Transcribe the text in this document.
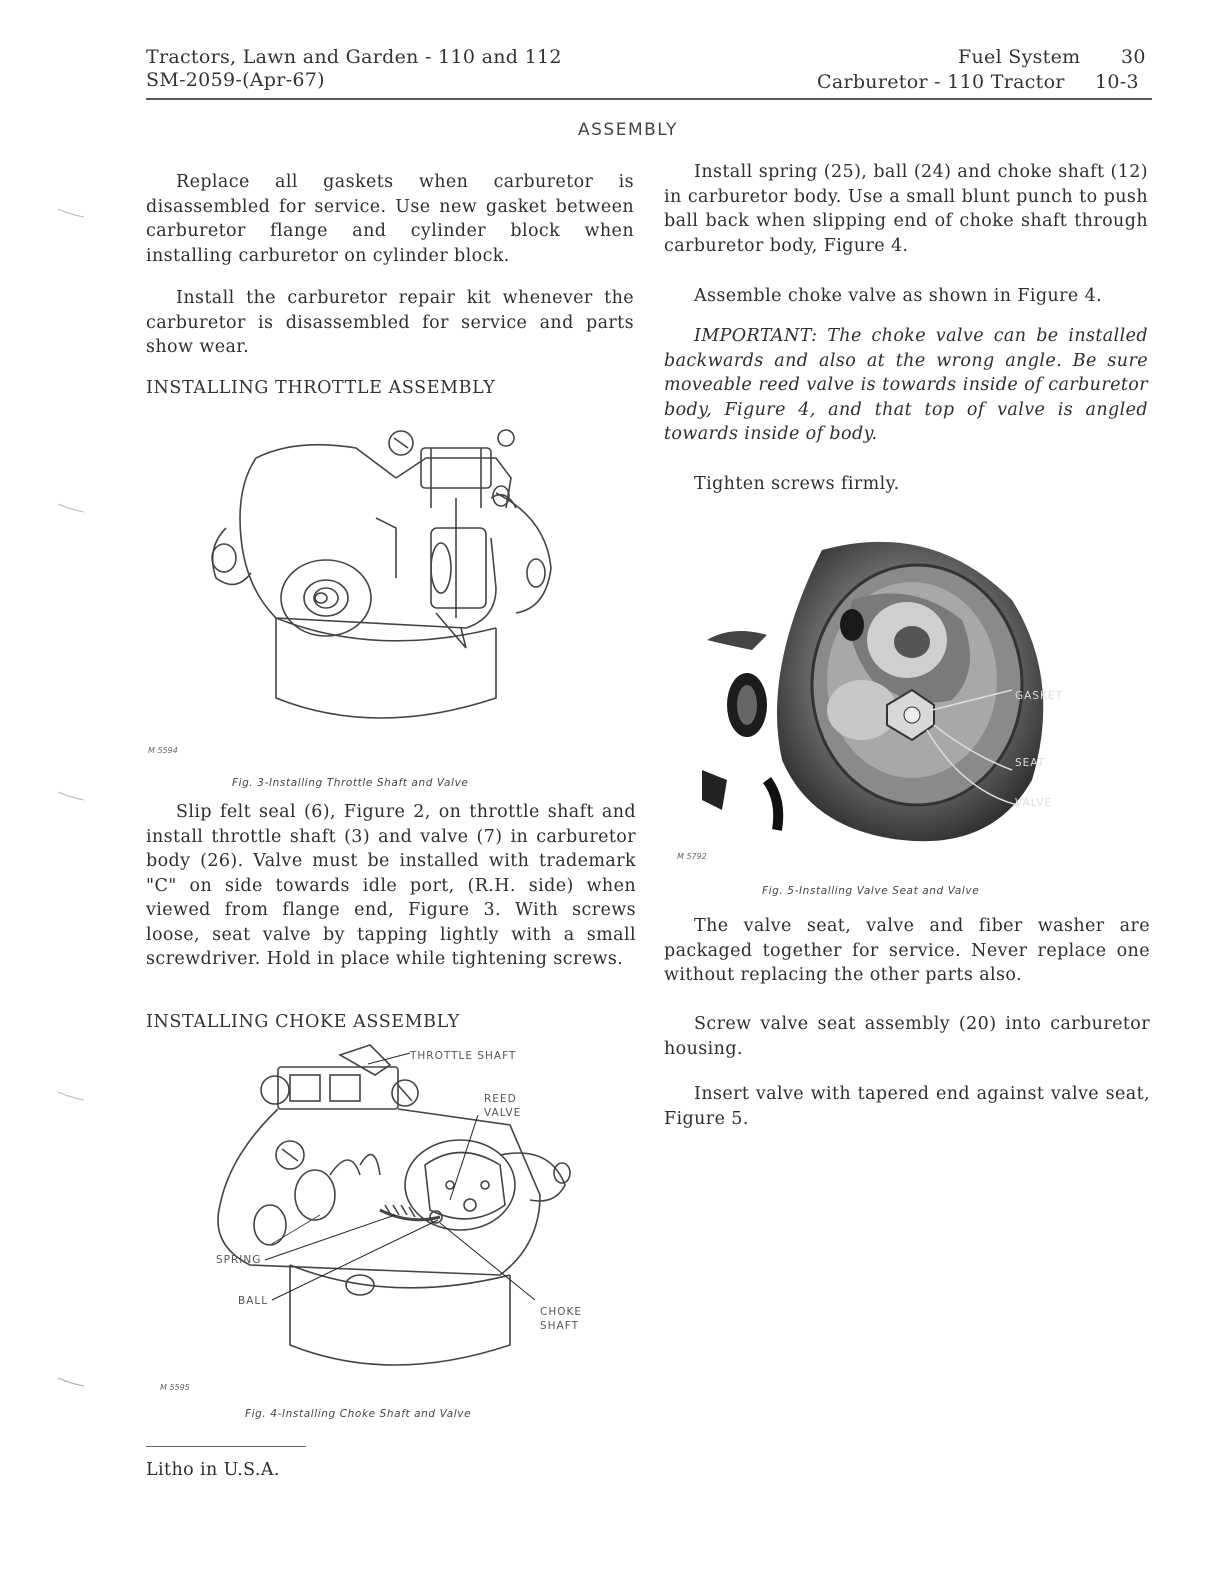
Tractors, Lawn and Garden - 110 and 112
SM-2059-(Apr-67)
Fuel System 30
Carburetor - 110 Tractor 10-3
ASSEMBLY
Replace all gaskets when carburetor is disassembled for service. Use new gasket between carburetor flange and cylinder block when installing carburetor on cylinder block.
Install the carburetor repair kit whenever the carburetor is disassembled for service and parts show wear.
INSTALLING THROTTLE ASSEMBLY
M 5594
Fig. 3-Installing Throttle Shaft and Valve
Slip felt seal (6), Figure 2, on throttle shaft and install throttle shaft (3) and valve (7) in carburetor body (26). Valve must be installed with trademark "C" on side towards idle port, (R.H. side) when viewed from flange end, Figure 3. With screws loose, seat valve by tapping lightly with a small screwdriver. Hold in place while tightening screws.
INSTALLING CHOKE ASSEMBLY
THROTTLE SHAFT
REED
VALVE
SPRING
BALL
CHOKE
SHAFT
M 5595
Fig. 4-Installing Choke Shaft and Valve
Litho in U.S.A.
Install spring (25), ball (24) and choke shaft (12) in carburetor body. Use a small blunt punch to push ball back when slipping end of choke shaft through carburetor body, Figure 4.
Assemble choke valve as shown in Figure 4.
IMPORTANT: The choke valve can be installed backwards and also at the wrong angle. Be sure moveable reed valve is towards inside of carburetor body, Figure 4, and that top of valve is angled towards inside of body.
Tighten screws firmly.
GASKET
SEAT
VALVE
M 5792
Fig. 5-Installing Valve Seat and Valve
The valve seat, valve and fiber washer are packaged together for service. Never replace one without replacing the other parts also.
Screw valve seat assembly (20) into carburetor housing.
Insert valve with tapered end against valve seat, Figure 5.
